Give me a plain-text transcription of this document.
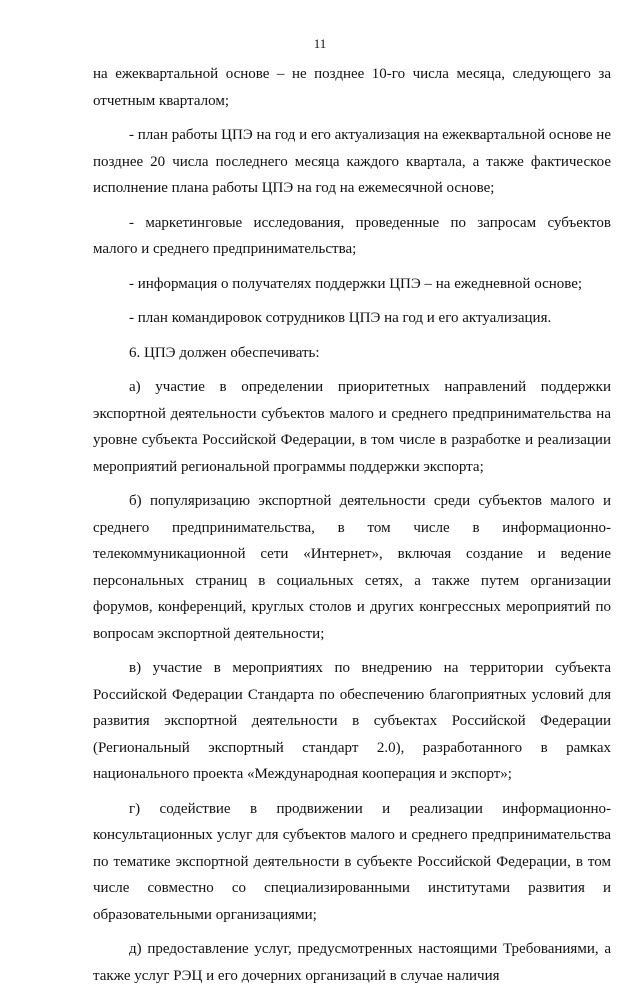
11

на ежеквартальной основе – не позднее 10-го числа месяца, следующего за отчетным кварталом;

- план работы ЦПЭ на год и его актуализация на ежеквартальной основе не позднее 20 числа последнего месяца каждого квартала, а также фактическое исполнение плана работы ЦПЭ на год на ежемесячной основе;

- маркетинговые исследования, проведенные по запросам субъектов малого и среднего предпринимательства;

- информация о получателях поддержки ЦПЭ – на ежедневной основе;

- план командировок сотрудников ЦПЭ на год и его актуализация.

6. ЦПЭ должен обеспечивать:

а) участие в определении приоритетных направлений поддержки экспортной деятельности субъектов малого и среднего предпринимательства на уровне субъекта Российской Федерации, в том числе в разработке и реализации мероприятий региональной программы поддержки экспорта;

б) популяризацию экспортной деятельности среди субъектов малого и среднего предпринимательства, в том числе в информационно-телекоммуникационной сети «Интернет», включая создание и ведение персональных страниц в социальных сетях, а также путем организации форумов, конференций, круглых столов и других конгрессных мероприятий по вопросам экспортной деятельности;

в) участие в мероприятиях по внедрению на территории субъекта Российской Федерации Стандарта по обеспечению благоприятных условий для развития экспортной деятельности в субъектах Российской Федерации (Региональный экспортный стандарт 2.0), разработанного в рамках национального проекта «Международная кооперация и экспорт»;

г) содействие в продвижении и реализации информационно-консультационных услуг для субъектов малого и среднего предпринимательства по тематике экспортной деятельности в субъекте Российской Федерации, в том числе совместно со специализированными институтами развития и образовательными организациями;

д) предоставление услуг, предусмотренных настоящими Требованиями, а также услуг РЭЦ и его дочерних организаций в случае наличия
